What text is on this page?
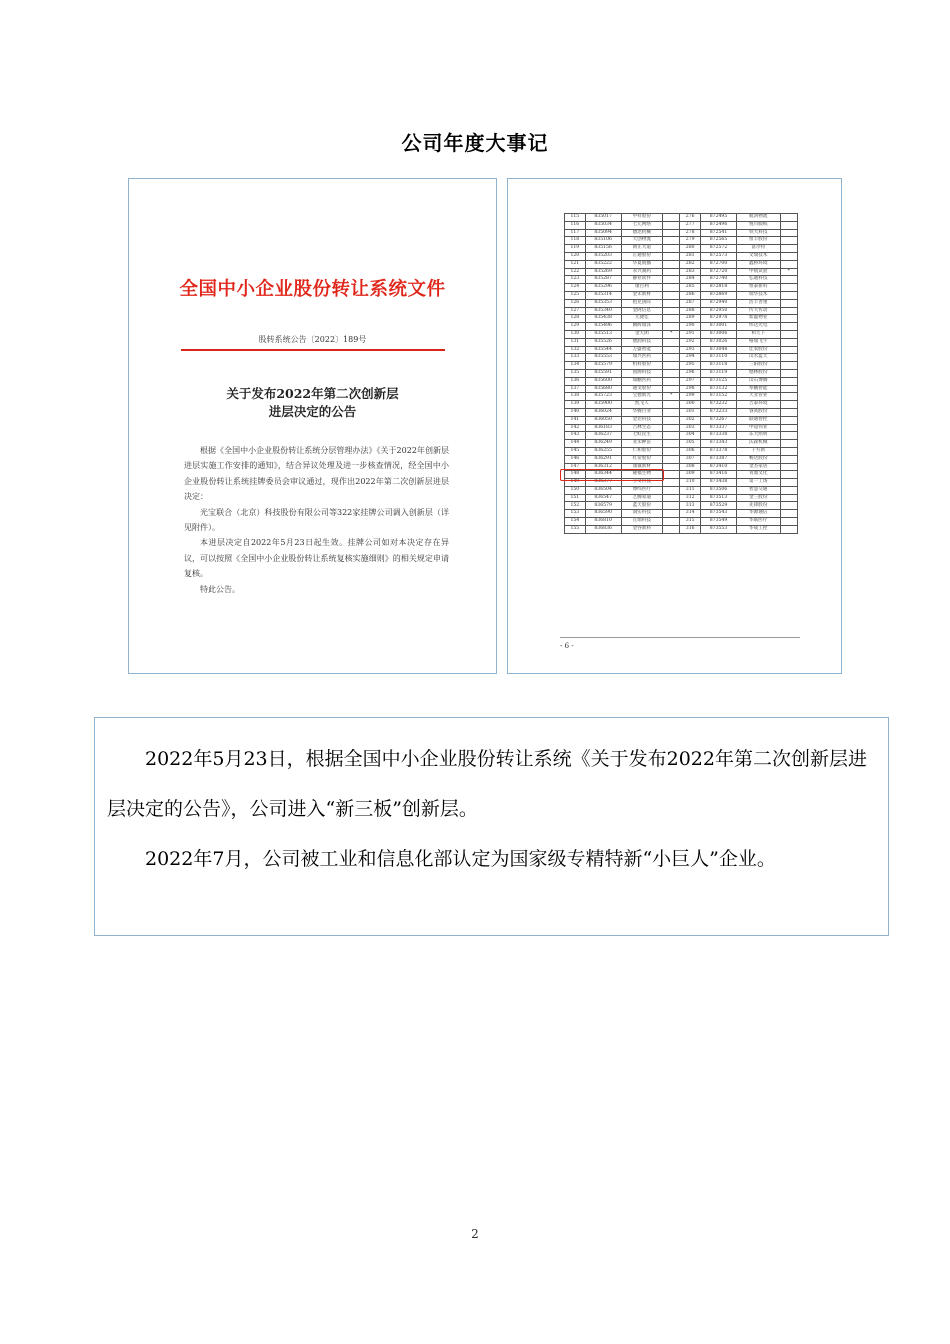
公司年度大事记
全国中小企业股份转让系统文件
股转系统公告〔2022〕189号
关于发布2022年第二次创新层
进层决定的公告

根据《全国中小企业股份转让系统分层管理办法》《关于2022年创新层进层实施工作安排的通知》，结合异议处理及进一步核查情况，经全国中小企业股份转让系统挂牌委员会审议通过，现作出2022年第二次创新层进层决定：

光宝联合（北京）科技股份有限公司等322家挂牌公司调入创新层（详见附件）。

本进层决定自2022年5月23日起生效。挂牌公司如对本决定存在异议，可以按照《全国中小企业股份转让系统复核实施细则》的相关规定申请复核。

特此公告。

115	835017	中祥股份		276	872495	航鸿物流	
116	835034	七元网络		277	872496	悦川膜纸	
117	835094	德迅机械		278	872541	铁大科技	
118	835106	天创物流		279	872565	恒丰股份	
119	835156	朗正大道		280	872572	富尔特	
120	835203	正通股份		281	872573	文瑞技术	
121	835222	华夏航播		282	872700	鑫桥环境	
122	835269	永兴制药		283	872720	中航试验	*
123	835287	静业软件		284	872740	弘通科技	
124	835296	康百利		285	872818	恒泰新科	
125	835314	金禾新材		286	872869	瑞华技术	
126	835353	租克国际		287	872940	浩丰善重	
127	835340	金阿信息		288	872950	传大传动	
128	835438	元捷佳		289	872978	紫鑫物业	
129	835496	腾辉瑞泽		290	873001	纬达光电	
130	835513	金天朗	*	291	873006	和天下	
131	835526	德润科技		292	873026	格瑞飞宇	
132	835544	万盛智能		293	873048	佳农股份	
133	835553	瑞兴医药		294	873110	山水蓝天	
134	835579	机科股份		295	873118	三阳股份	
135	835591	国源科技		296	873119	德林股份	
136	835600	瑞鹏医药		297	873125	山石博腾	
137	835680	通戈股份		298	873132	奉鹏智能	
138	835723	宝德新光	*	299	873152	天亚管业	
139	835900	凯飞人		300	873232	吉泰环境	
140	836024	华腾百业		301	873233	睿高股份	
141	836050	金达科技		302	873267	联通智控	
142	836183	吉林生态		303	873337	中超伟业	
143	836237	七虹民生		304	873338	东大照明	
144	836249	亚禾种苗		305	873343	沃森机械	
145	836255	仁和股份		306	873378	千方新	
146	836291	红帝股份		307	873387	畅达股份	
147	836312	康诚新材		308	873410	金杰家居	
148	836344	隆福生物		309	873416	青鼎文化	
149	836377	立文科技		310	873438	第一工场	
150	836504	博纬医疗		311	873506	智慧交通	
151	836547	艺腾易迪		312	873513	金三股份	
152	836579	蓝天股份		313	873529	先锋股份	
153	836590	润实科技		314	873543	华源通信	
154	836810	亘瑞科技		315	873549	华联医疗	
155	836836	金谷新科		316	873553	华成工控	
- 6 -

2022年5月23日，根据全国中小企业股份转让系统《关于发布2022年第二次创新层进层决定的公告》，公司进入“新三板”创新层。

2022年7月，公司被工业和信息化部认定为国家级专精特新“小巨人”企业。

2
